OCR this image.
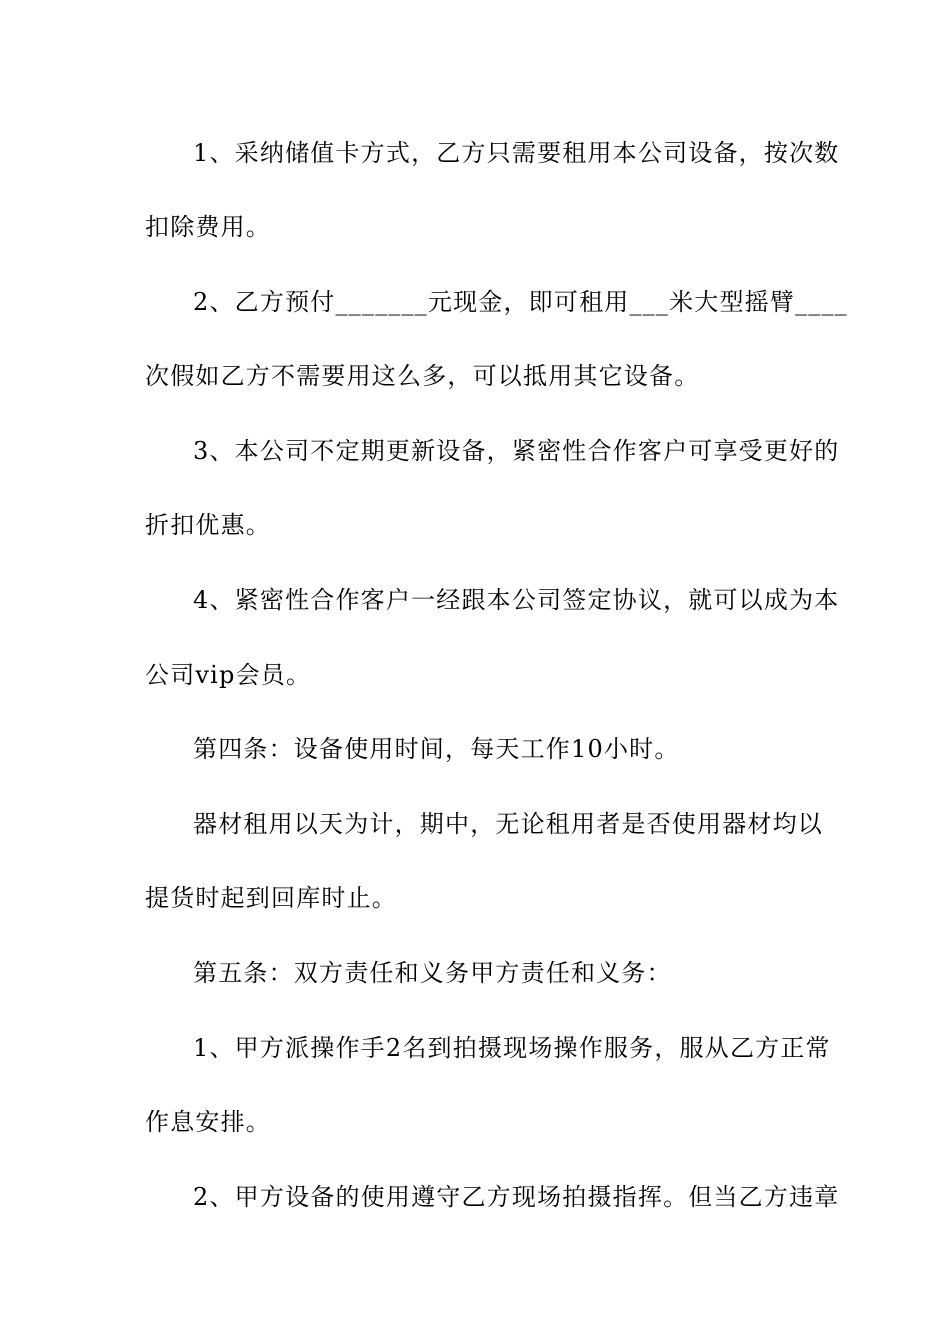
1、采纳储值卡方式，乙方只需要租用本公司设备，按次数
扣除费用。
2、乙方预付_______元现金，即可租用___米大型摇臂____
次假如乙方不需要用这么多，可以抵用其它设备。
3、本公司不定期更新设备，紧密性合作客户可享受更好的
折扣优惠。
4、紧密性合作客户一经跟本公司签定协议，就可以成为本
公司vip会员。
第四条：设备使用时间，每天工作10小时。
器材租用以天为计，期中，无论租用者是否使用器材均以
提货时起到回库时止。
第五条：双方责任和义务甲方责任和义务：
1、甲方派操作手2名到拍摄现场操作服务，服从乙方正常
作息安排。
2、甲方设备的使用遵守乙方现场拍摄指挥。但当乙方违章
